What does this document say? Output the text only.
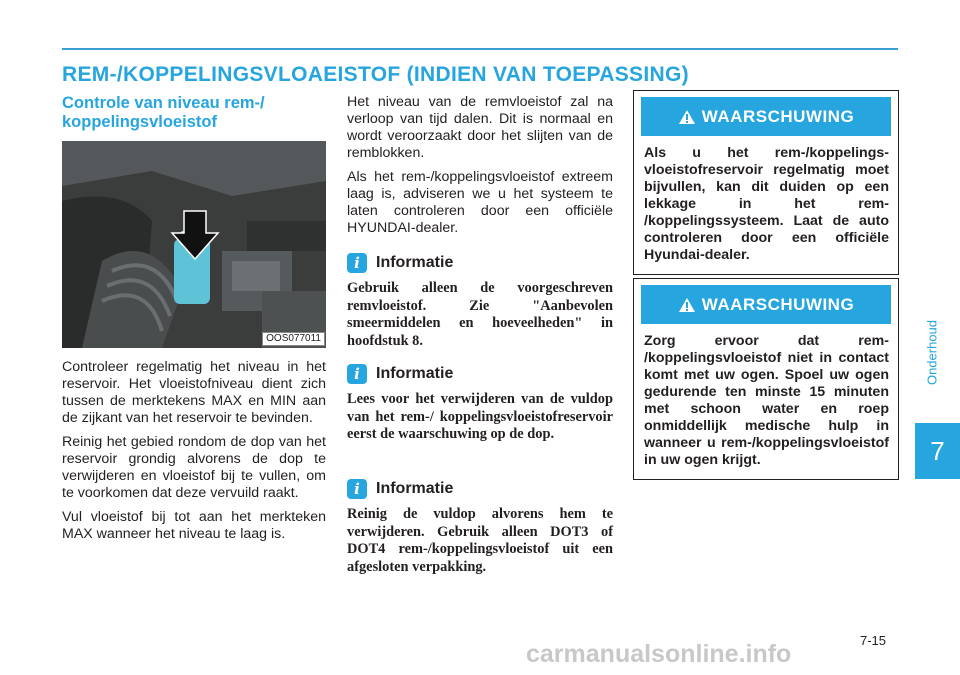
REM-/KOPPELINGSVLOAEISTOF (INDIEN VAN TOEPASSING)
Controle van niveau rem-/ koppelingsvloeistof
OOS077011

Controleer regelmatig het niveau in het reservoir. Het vloeistofniveau dient zich tussen de merktekens MAX en MIN aan de zijkant van het reservoir te bevinden.

Reinig het gebied rondom de dop van het reservoir grondig alvorens de dop te verwijderen en vloeistof bij te vullen, om te voorkomen dat deze vervuild raakt.

Vul vloeistof bij tot aan het merkteken MAX wanneer het niveau te laag is.

Het niveau van de remvloeistof zal na verloop van tijd dalen. Dit is normaal en wordt veroorzaakt door het slijten van de remblokken.

Als het rem-/koppelingsvloeistof extreem laag is, adviseren we u het systeem te laten controleren door een officiële HYUNDAI-dealer.

i	Informatie
Gebruik alleen de voorgeschreven remvloeistof. Zie "Aanbevolen smeermiddelen en hoeveelheden" in hoofdstuk 8.
i	Informatie
Lees voor het verwijderen van de vuldop van het rem-/ koppelingsvloeistofreservoir eerst de waarschuwing op de dop.
i	Informatie
Reinig de vuldop alvorens hem te verwijderen. Gebruik alleen DOT3 of DOT4 rem-/koppelingsvloeistof uit een afgesloten verpakking.
WAARSCHUWING
Als u het rem-/koppelings- vloeistofreservoir regelmatig moet bijvullen, kan dit duiden op een lekkage in het rem- /koppelingssysteem. Laat de auto controleren door een officiële Hyundai-dealer.
WAARSCHUWING
Zorg ervoor dat rem- /koppelingsvloeistof niet in contact komt met uw ogen. Spoel uw ogen gedurende ten minste 15 minuten met schoon water en roep onmiddellijk medische hulp in wanneer u rem-/koppelingsvloeistof in uw ogen krijgt.
Onderhoud
7
7-15
carmanualsonline.info
